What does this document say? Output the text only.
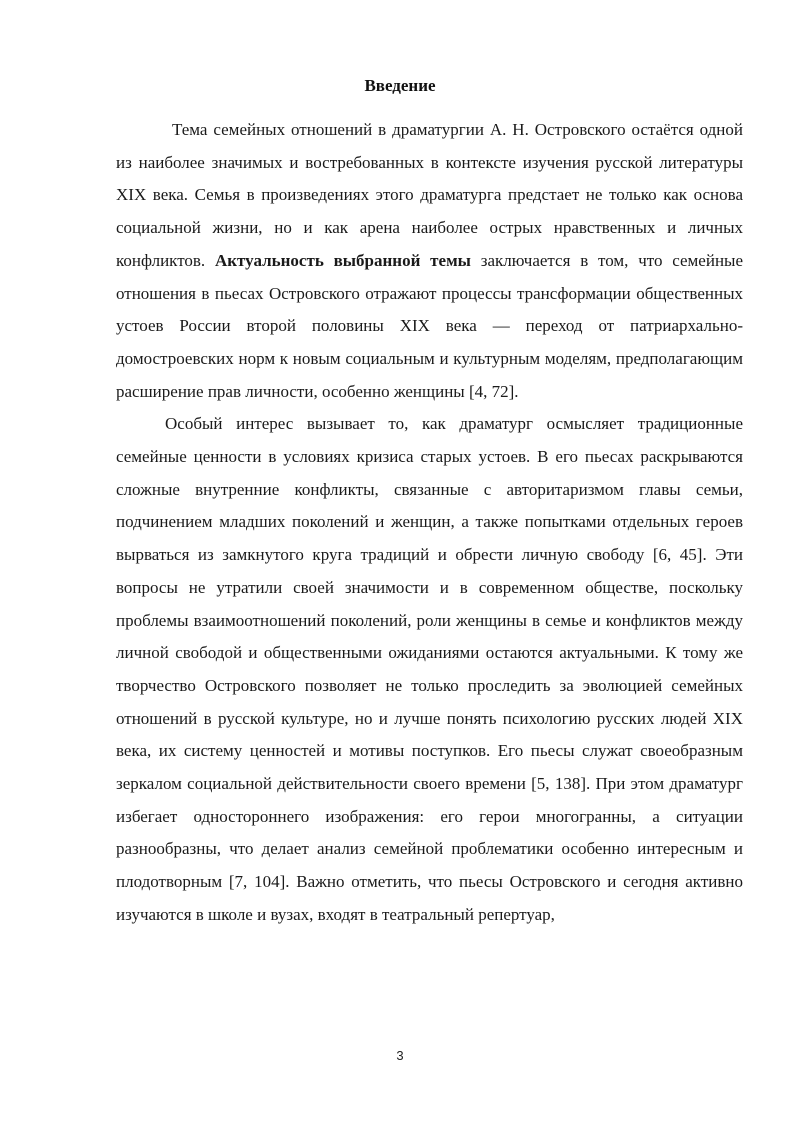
Введение

Тема семейных отношений в драматургии А. Н. Островского остаётся одной из наиболее значимых и востребованных в контексте изучения русской литературы XIX века. Семья в произведениях этого драматурга предстает не только как основа социальной жизни, но и как арена наиболее острых нравственных и личных конфликтов. Актуальность выбранной темы заключается в том, что семейные отношения в пьесах Островского отражают процессы трансформации общественных устоев России второй половины XIX века — переход от патриархально-домостроевских норм к новым социальным и культурным моделям, предполагающим расширение прав личности, особенно женщины [4, 72].

Особый интерес вызывает то, как драматург осмысляет традиционные семейные ценности в условиях кризиса старых устоев. В его пьесах раскрываются сложные внутренние конфликты, связанные с авторитаризмом главы семьи, подчинением младших поколений и женщин, а также попытками отдельных героев вырваться из замкнутого круга традиций и обрести личную свободу [6, 45]. Эти вопросы не утратили своей значимости и в современном обществе, поскольку проблемы взаимоотношений поколений, роли женщины в семье и конфликтов между личной свободой и общественными ожиданиями остаются актуальными. К тому же творчество Островского позволяет не только проследить за эволюцией семейных отношений в русской культуре, но и лучше понять психологию русских людей XIX века, их систему ценностей и мотивы поступков. Его пьесы служат своеобразным зеркалом социальной действительности своего времени [5, 138]. При этом драматург избегает одностороннего изображения: его герои многогранны, а ситуации разнообразны, что делает анализ семейной проблематики особенно интересным и плодотворным [7, 104]. Важно отметить, что пьесы Островского и сегодня активно изучаются в школе и вузах, входят в театральный репертуар,

3
